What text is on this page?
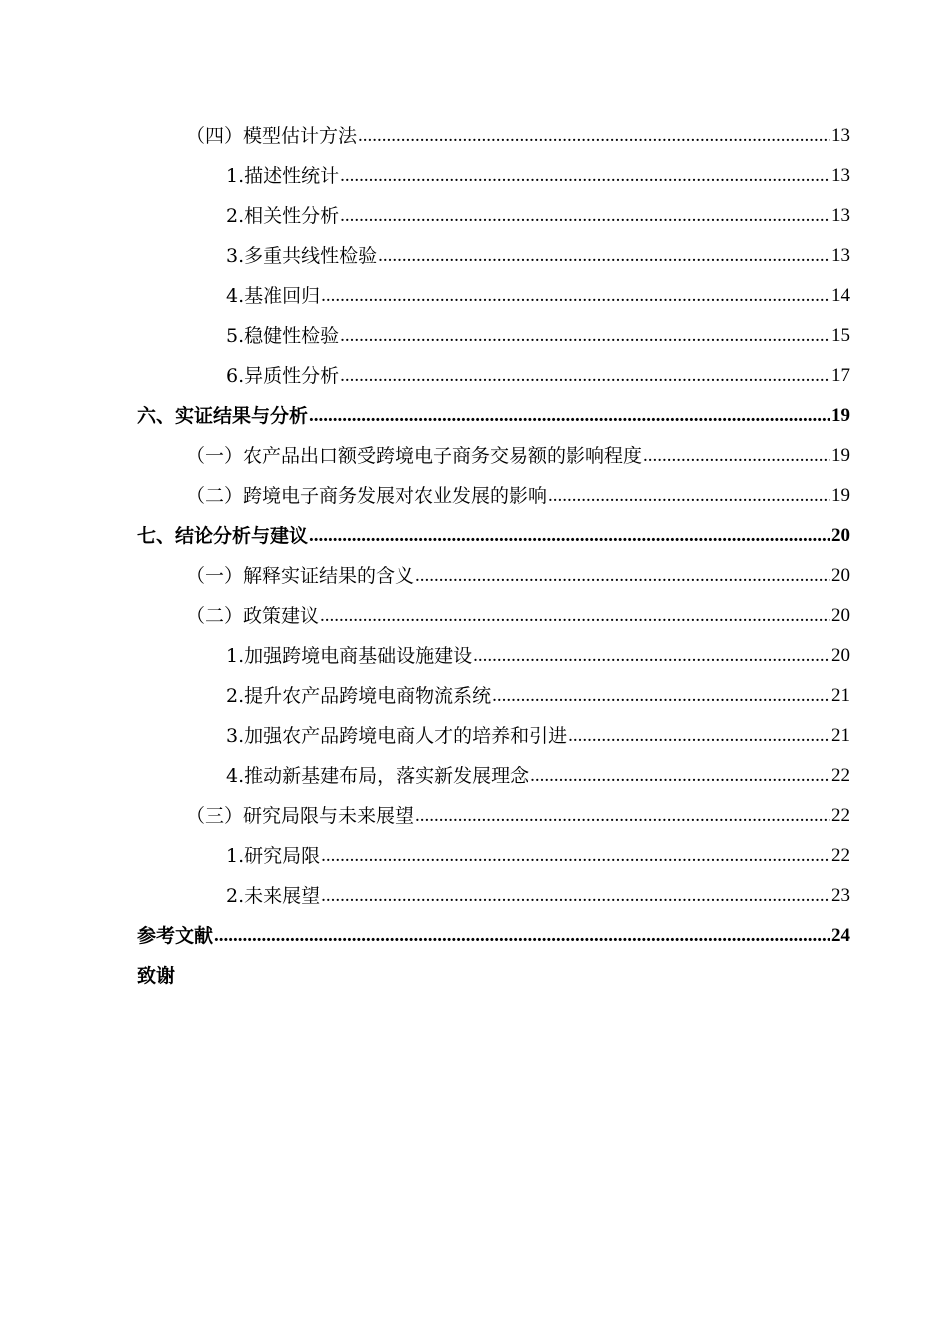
（四）模型估计方法 .....	13
1.描述性统计 .....	13
2.相关性分析 .....	13
3.多重共线性检验 .....	13
4.基准回归 .....	14
5.稳健性检验 .....	15
6.异质性分析 .....	17
六、实证结果与分析 .....	19
（一）农产品出口额受跨境电子商务交易额的影响程度 .....	19
（二）跨境电子商务发展对农业发展的影响 .....	19
七、结论分析与建议 .....	20
（一）解释实证结果的含义 .....	20
（二）政策建议 .....	20
1.加强跨境电商基础设施建设 .....	20
2.提升农产品跨境电商物流系统 .....	21
3.加强农产品跨境电商人才的培养和引进 .....	21
4.推动新基建布局，落实新发展理念 .....	22
（三）研究局限与未来展望 .....	22
1.研究局限 .....	22
2.未来展望 .....	23
参考文献 .....	24
致谢
